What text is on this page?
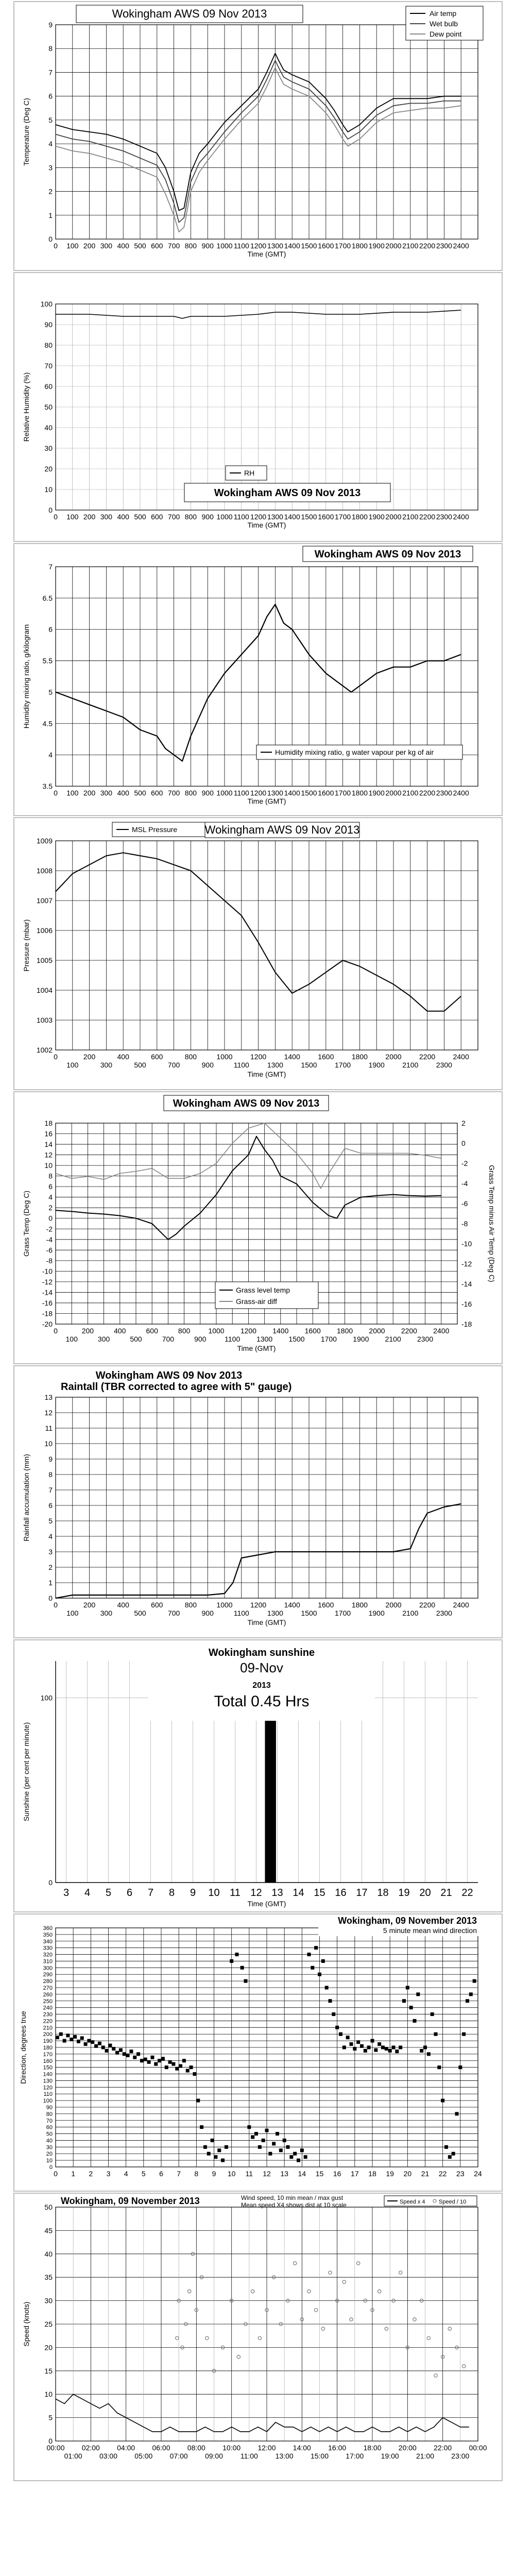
0
1
2
3
4
5
6
7
8
9
0 100 200 300 400 500 600 700 800 900 1000 1100 1200 1300 1400 1500 1600 1700 1800 1900 2000 2100 2200 2300 2400
Time (GMT)
Temperature (Deg C)
Wokingham AWS 09 Nov 2013	Air temp
Wet bulb
Dew point
0
10
20
30
40
50
60
70
80
90
100
0 100 200 300 400 500 600 700 800 900 1000 1100 1200 1300 1400 1500 1600 1700 1800 1900 2000 2100 2200 2300 2400
Time (GMT)
Relative Humidity (%)
RH
Wokingham AWS 09 Nov 2013
3.5
4
4.5
5
5.5
6
6.5
7
0 100 200 300 400 500 600 700 800 900 1000 1100 1200 1300 1400 1500 1600 1700 1800 1900 2000 2100 2200 2300 2400
Time (GMT)
Humidity mixing ratio, g/kilogram
Wokingham AWS 09 Nov 2013
Humidity mixing ratio, g water vapour per kg of air
1002
1003
1004
1005
1006
1007
1008
1009
0	200	400	600	800	1000 1200 1400 1600 1800 2000 2200 2400
100	300	500	700	900	1100 1300 1500 1700 1900 2100 2300
Time (GMT)
Pressure (mbar)
MSL Pressure Wokingham AWS 09 Nov 2013
18
16
14
12
10
8
6
4
2
0
-2
-4
-6
-8
-10
-12
-14
-16
-18
-20
2
0
-2
-4
-6
-8
-10
-12
-14
-16
-18
0	200	400	600	800	1000 1200 1400 1600 1800 2000 2200 2400
100	300	500	700	900	1100 1300 1500 1700 1900 2100 2300
Time (GMT)
Grass Temp (Deg C)	Grass Temp minus Air Temp (Deg C)
Wokingham AWS 09 Nov 2013
Grass level temp
Grass-air diff
0
1
2
3
4
5
6
7
8
9
10
11
12
13
0	200	400	600	800	1000 1200 1400 1600 1800 2000 2200 2400
100	300	500	700	900	1100 1300 1500 1700 1900 2100 2300
Time (GMT)
Rainfall accumulation (mm)
Wokingham AWS 09 Nov 2013
Raintall (TBR corrected to agree with 5" gauge)
3 4 5 6 7 8 9 10 11 12 13 14 15 16 17 18 19 20 21 22
0
100
Time (GMT)
Sunshine (per cent per minute)
Wokingham sunshine
09-Nov
2013
Total 0.45 Hrs
0
10
20
30
40
50
60
70
80
90
100
110
120
130
140
150
160
170
180
190
200
210
220
230
240
250
260
270
280
290
300
310
320
330
340
350
360
0 1 2 3 4 5 6 7 8 9 10 11 12 13 14 15 16 17 18 19 20 21 22 23 24
Direction, degrees true
Wokingham, 09 November 2013
5 minute mean wind direction
0
5
10
15
20
25
30
35
40
45
50
00:00 02:00 04:00 06:00 08:00 10:00 12:00 14:00 16:00 18:00 20:00 22:00 00:00
01:00 03:00 05:00 07:00 09:00 11:00 13:00 15:00 17:00 19:00 21:00 23:00
Speed (knots)
Wokingham, 09 November 2013	Wind speed, 10 min mean / max gust
Mean speed X4 shows dist at 10 scale	Speed x 4 Speed / 10
